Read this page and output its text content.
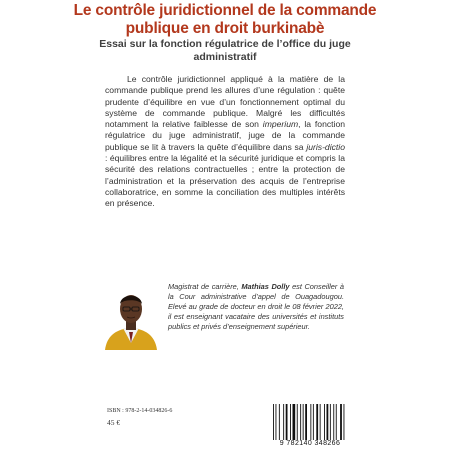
Le contrôle juridictionnel de la commande publique en droit burkinabè
Essai sur la fonction régulatrice de l’office du juge administratif

Le contrôle juridictionnel appliqué à la matière de la commande publique prend les allures d’une régulation : quête prudente d’équilibre en vue d’un fonctionnement optimal du système de commande publique. Malgré les difficultés notamment la relative faiblesse de son imperium, la fonction régulatrice du juge administratif, juge de la commande publique se lit à travers la quête d’équilibre dans sa juris-dictio : équilibres entre la légalité et la sécurité juridique et compris la sécurité des relations contractuelles ; entre la protection de l’administration et la préservation des acquis de l’entreprise collaboratrice, en somme la conciliation des multiples intérêts en présence.

Magistrat de carrière, Mathias Dolly est Conseiller à la Cour administrative d’appel de Ouagadougou. Elevé au grade de docteur en droit le 08 février 2022, il est enseignant vacataire des universités et instituts publics et privés d’enseignement supérieur.

ISBN : 978-2-14-034826-6
45 €
9 782140 348266
